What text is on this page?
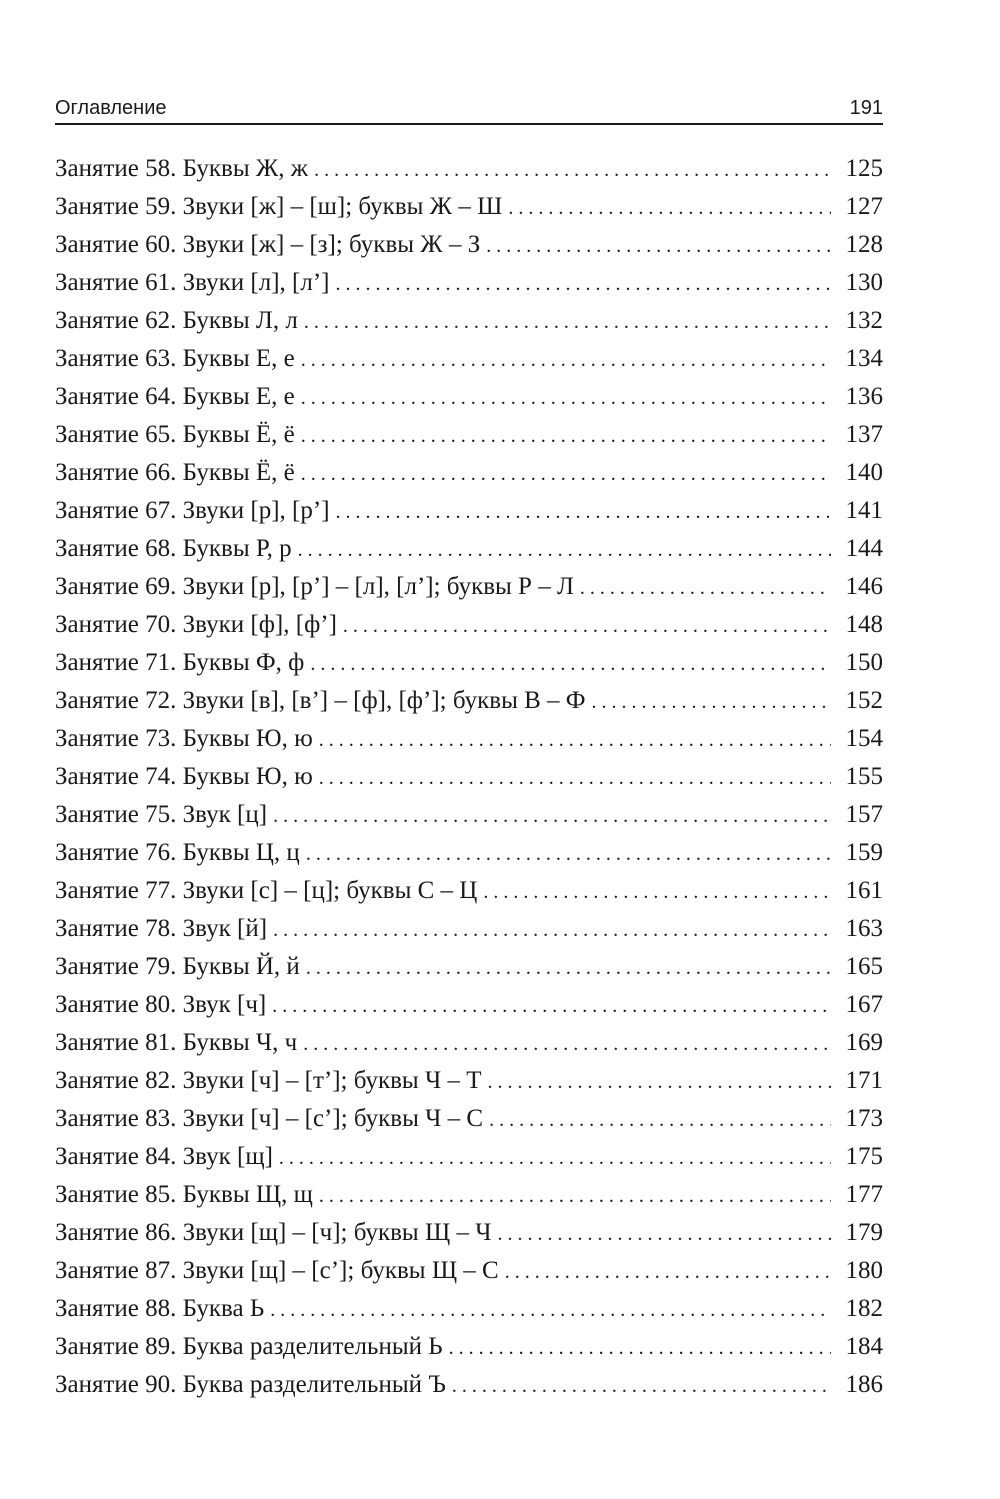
Оглавление	191
Занятие 58. Буквы Ж, ж . . .	125
Занятие 59. Звуки [ж] – [ш]; буквы Ж – Ш . . .	127
Занятие 60. Звуки [ж] – [з]; буквы Ж – З . . .	128
Занятие 61. Звуки [л], [л’] . . .	130
Занятие 62. Буквы Л, л . . .	132
Занятие 63. Буквы Е, е . . .	134
Занятие 64. Буквы Е, е . . .	136
Занятие 65. Буквы Ё, ё . . .	137
Занятие 66. Буквы Ё, ё . . .	140
Занятие 67. Звуки [р], [р’] . . .	141
Занятие 68. Буквы Р, р . . .	144
Занятие 69. Звуки [р], [р’] – [л], [л’]; буквы Р – Л . . .	146
Занятие 70. Звуки [ф], [ф’] . . .	148
Занятие 71. Буквы Ф, ф . . .	150
Занятие 72. Звуки [в], [в’] – [ф], [ф’]; буквы В – Ф . . .	152
Занятие 73. Буквы Ю, ю . . .	154
Занятие 74. Буквы Ю, ю . . .	155
Занятие 75. Звук [ц] . . .	157
Занятие 76. Буквы Ц, ц . . .	159
Занятие 77. Звуки [с] – [ц]; буквы С – Ц . . .	161
Занятие 78. Звук [й] . . .	163
Занятие 79. Буквы Й, й . . .	165
Занятие 80. Звук [ч] . . .	167
Занятие 81. Буквы Ч, ч . . .	169
Занятие 82. Звуки [ч] – [т’]; буквы Ч – Т . . .	171
Занятие 83. Звуки [ч] – [с’]; буквы Ч – С . . .	173
Занятие 84. Звук [щ] . . .	175
Занятие 85. Буквы Щ, щ . . .	177
Занятие 86. Звуки [щ] – [ч]; буквы Щ – Ч . . .	179
Занятие 87. Звуки [щ] – [с’]; буквы Щ – С . . .	180
Занятие 88. Буква Ь . . .	182
Занятие 89. Буква разделительный Ь . . .	184
Занятие 90. Буква разделительный Ъ . . .	186
